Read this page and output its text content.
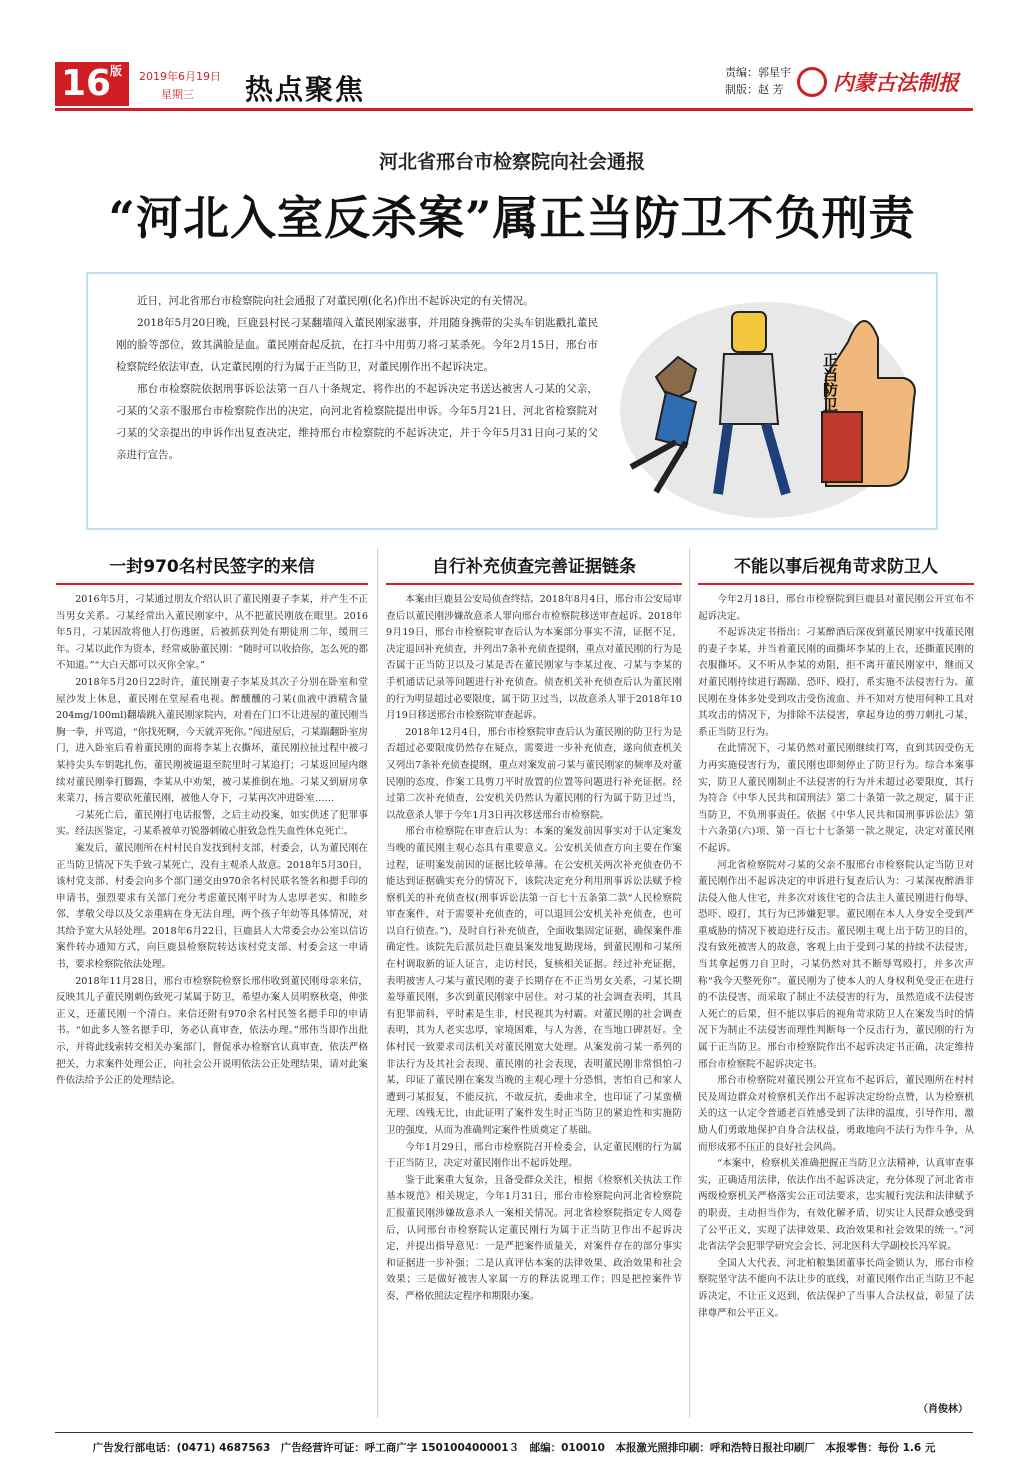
16
版 2019年6月19日
星期三 热点聚焦
责编：郭星宇
制版：赵 芳	内蒙古法制报
河北省邢台市检察院向社会通报
“河北入室反杀案”属正当防卫不负刑责

近日，河北省邢台市检察院向社会通报了对董民刚(化名)作出不起诉决定的有关情况。

2018年5月20日晚，巨鹿县村民刁某翻墙闯入董民刚家滋事，并用随身携带的尖头车钥匙戳扎董民刚的脸等部位，致其满脸是血。董民刚奋起反抗，在打斗中用剪刀将刁某杀死。今年2月15日，邢台市检察院经依法审查，认定董民刚的行为属于正当防卫，对董民刚作出不起诉决定。

邢台市检察院依据刑事诉讼法第一百八十条规定，将作出的不起诉决定书送达被害人刁某的父亲，刁某的父亲不服邢台市检察院作出的决定，向河北省检察院提出申诉。今年5月21日，河北省检察院对刁某的父亲提出的申诉作出复查决定，维持邢台市检察院的不起诉决定，并于今年5月31日向刁某的父亲进行宣告。

正当防卫
一封970名村民签字的来信

2016年5月，刁某通过朋友介绍认识了董民刚妻子李某，并产生不正当男女关系。刁某经常出入董民刚家中，从不把董民刚放在眼里。2016年5月，刁某因故将他人打伤逃匿，后被抓获判处有期徒刑二年，缓刑三年。刁某以此作为资本，经常威胁董民刚：“随时可以收拾你，怎么死的都不知道。”“大白天都可以灭你全家。”

2018年5月20日22时许，董民刚妻子李某及其次子分别在卧室和堂屋沙发上休息，董民刚在堂屋看电视。醉醺醺的刁某(血液中酒精含量204mg/100ml)翻墙跳入董民刚家院内，对着在门口不让进屋的董民刚当胸一拳，并骂道，“你找死啊，今天就弄死你。”闯进屋后，刁某踹翻卧室房门，进入卧室后看着董民刚的面将李某上衣撕坏，董民刚拉扯过程中被刁某持尖头车钥匙扎伤，董民刚被逼退至院里时刁某追打；刁某返回屋内继续对董民刚拳打脚踢，李某从中劝架，被刁某推倒在地。刁某又到厨房拿来菜刀，扬言要砍死董民刚，被他人夺下，刁某再次冲进卧室……

刁某死亡后，董民刚打电话报警，之后主动投案，如实供述了犯罪事实。经法医鉴定，刁某系被单刃锐器刺破心脏致急性失血性休克死亡。

案发后，董民刚所在村村民自发找到村支部，村委会，认为董民刚在正当防卫情况下失手致刁某死亡，没有主观杀人故意。2018年5月30日，该村党支部、村委会向多个部门递交由970余名村民联名签名和摁手印的申请书，强烈要求有关部门充分考虑董民刚平时为人忠厚老实、和睦乡邻、孝敬父母以及父亲重病在身无法自理，两个孩子年幼等具体情况，对其给予宽大从轻处理。2018年6月22日，巨鹿县人大常委会办公室以信访案件转办通知方式，向巨鹿县检察院转达该村党支部、村委会这一申请书，要求检察院依法处理。

2018年11月28日，邢台市检察院检察长邢伟收到董民刚母亲来信，反映其儿子董民刚刺伤致死刁某属于防卫，希望办案人员明察秋毫，伸张正义，还董民刚一个清白。来信还附有970余名村民签名摁手印的申请书。“如此多人签名摁手印，务必认真审查，依法办理。”邢伟当即作出批示，并将此线索转交相关办案部门，督促承办检察官认真审查，依法严格把关，力求案件处理公正，向社会公开说明依法公正处理结果，请对此案件依法给予公正的处理结论。

自行补充侦查完善证据链条

本案由巨鹿县公安局侦查终结。2018年8月4日，邢台市公安局审查后以董民刚涉嫌故意杀人罪向邢台市检察院移送审查起诉。2018年9月19日，邢台市检察院审查后认为本案部分事实不清，证据不足，决定退回补充侦查，并列出7条补充侦查提纲，重点对董民刚的行为是否属于正当防卫以及刁某是否在董民刚家与李某过夜、刁某与李某的手机通话记录等问题进行补充侦查。侦查机关补充侦查后认为董民刚的行为明显超过必要限度，属于防卫过当，以故意杀人罪于2018年10月19日移送邢台市检察院审查起诉。

2018年12月4日，邢台市检察院审查后认为董民刚的防卫行为是否超过必要限度仍然存在疑点，需要进一步补充侦查，遂向侦查机关又列出7条补充侦查提纲，重点对案发前刁某与董民刚家的频率及对董民刚的态度、作案工具剪刀平时放置的位置等问题进行补充证据。经过第二次补充侦查，公安机关仍然认为董民刚的行为属于防卫过当，以故意杀人罪于今年1月3日再次移送邢台市检察院。

邢台市检察院在审查后认为：本案的案发前因事实对于认定案发当晚的董民刚主观心态具有重要意义。公安机关侦查方向主要在作案过程，证明案发前因的证据比较单薄。在公安机关两次补充侦查仍不能达到证据确实充分的情况下，该院决定充分利用刑事诉讼法赋予检察机关的补充侦查权(刑事诉讼法第一百七十五条第二款“人民检察院审查案件，对于需要补充侦查的，可以退回公安机关补充侦查，也可以自行侦查。”)，及时自行补充侦查，全面收集固定证据，确保案件准确定性。该院先后派员赴巨鹿县案发地复勘现场，到董民刚和刁某所在村调取新的证人证言，走访村民，复核相关证据。经过补充证据，表明被害人刁某与董民刚的妻子长期存在不正当男女关系，刁某长期羞辱董民刚，多次到董民刚家中居住。对刁某的社会调查表明，其具有犯罪前科，平时素是生非，村民视其为村霸。对董民刚的社会调查表明，其为人老实忠厚，家境困难，与人为善，在当地口碑甚好。全体村民一致要求司法机关对董民刚宽大处理。从案发前刁某一系列的非法行为及其社会表现、董民刚的社会表现，表明董民刚非常惧怕刁某，印证了董民刚在案发当晚的主观心理十分恐惧，害怕自己和家人遭到刁某报复，不能反抗，不敢反抗，委曲求全，也印证了刁某蛮横无理、凶残无比，由此证明了案件发生时正当防卫的紧迫性和实施防卫的强度，从而为准确判定案件性质奠定了基础。

今年1月29日，邢台市检察院召开检委会，认定董民刚的行为属于正当防卫，决定对董民刚作出不起诉处理。

鉴于此案重大复杂，且备受群众关注，根据《检察机关执法工作基本规范》相关规定，今年1月31日，邢台市检察院向河北省检察院汇报董民刚涉嫌故意杀人一案相关情况。河北省检察院指定专人阅卷后，认同邢台市检察院认定董民刚行为属于正当防卫作出不起诉决定，并提出指导意见：一是严把案件质量关，对案件存在的部分事实和证据进一步补强；二是认真评估本案的法律效果、政治效果和社会效果；三是做好被害人家属一方的释法说理工作；四是把控案件节奏，严格依照法定程序和期限办案。

不能以事后视角苛求防卫人

今年2月18日，邢台市检察院到巨鹿县对董民刚公开宣布不起诉决定。

不起诉决定书指出：刁某醉酒后深夜到董民刚家中找董民刚的妻子李某，并当着董民刚的面撕坏李某的上衣，还撕董民刚的衣服撕坏。又不听从李某的劝阻，拒不离开董民刚家中，继而又对董民刚持续进行踢踹、恐吓、殴打，系实施不法侵害行为。董民刚在身体多处受到攻击受伤流血、并不知对方使用何种工具对其攻击的情况下，为排除不法侵害，拿起身边的剪刀刺扎刁某，系正当防卫行为。

在此情况下，刁某仍然对董民刚继续打骂，直到其因受伤无力再实施侵害行为，董民刚也即刻停止了防卫行为。综合本案事实，防卫人董民刚制止不法侵害的行为并未超过必要限度，其行为符合《中华人民共和国刑法》第二十条第一款之规定，属于正当防卫，不负刑事责任。依据《中华人民共和国刑事诉讼法》第十六条第(六)项、第一百七十七条第一款之规定，决定对董民刚不起诉。

河北省检察院对刁某的父亲不服邢台市检察院认定当防卫对董民刚作出不起诉决定的申诉进行复查后认为：刁某深夜醉酒非法侵入他人住宅，并多次对该住宅的合法主人董民刚进行侮辱、恐吓、殴打，其行为已涉嫌犯罪。董民刚在本人人身安全受到严重威胁的情况下被迫进行反击。董民刚主观上出于防卫的目的，没有致死被害人的故意，客观上由于受到刁某的持续不法侵害，当其拿起剪刀自卫时，刁某仍然对其不断辱骂殴打，并多次声称“我今天整死你”。董民刚为了使本人的人身权利免受正在进行的不法侵害，而采取了制止不法侵害的行为，虽然造成不法侵害人死亡的后果，但不能以事后的视角苛求防卫人在案发当时的情况下为制止不法侵害而理性判断每一个反击行为，董民刚的行为属于正当防卫。邢台市检察院作出不起诉决定书正确，决定维持邢台市检察院不起诉决定书。

邢台市检察院对董民刚公开宣布不起诉后，董民刚所在村村民及周边群众对检察机关作出不起诉决定纷纷点赞，认为检察机关的这一认定令普通老百姓感受到了法律的温度，引导作用，激励人们勇敢地保护自身合法权益，勇敢地向不法行为作斗争，从而形成邪不压正的良好社会风尚。

“本案中，检察机关准确把握正当防卫立法精神，认真审查事实，正确适用法律，依法作出不起诉决定，充分体现了河北省市两级检察机关严格落实公正司法要求，忠实履行宪法和法律赋予的职责，主动担当作为，有效化解矛盾，切实让人民群众感受到了公平正义，实现了法律效果、政治效果和社会效果的统一。”河北省法学会犯罪学研究会会长、河北医科大学副校长冯军说。

全国人大代表、河北柏粮集团董事长尚金锁认为，邢台市检察院坚守法不能向不法让步的底线，对董民刚作出正当防卫不起诉决定，不让正义迟到，依法保护了当事人合法权益，彰显了法律尊严和公平正义。

（肖俊林）
广告发行部电话：(0471) 4687563　广告经营许可证：呼工商广字 150100400001３　邮编：010010　本报激光照排印刷：呼和浩特日报社印刷厂　本报零售：每份 1.6 元
